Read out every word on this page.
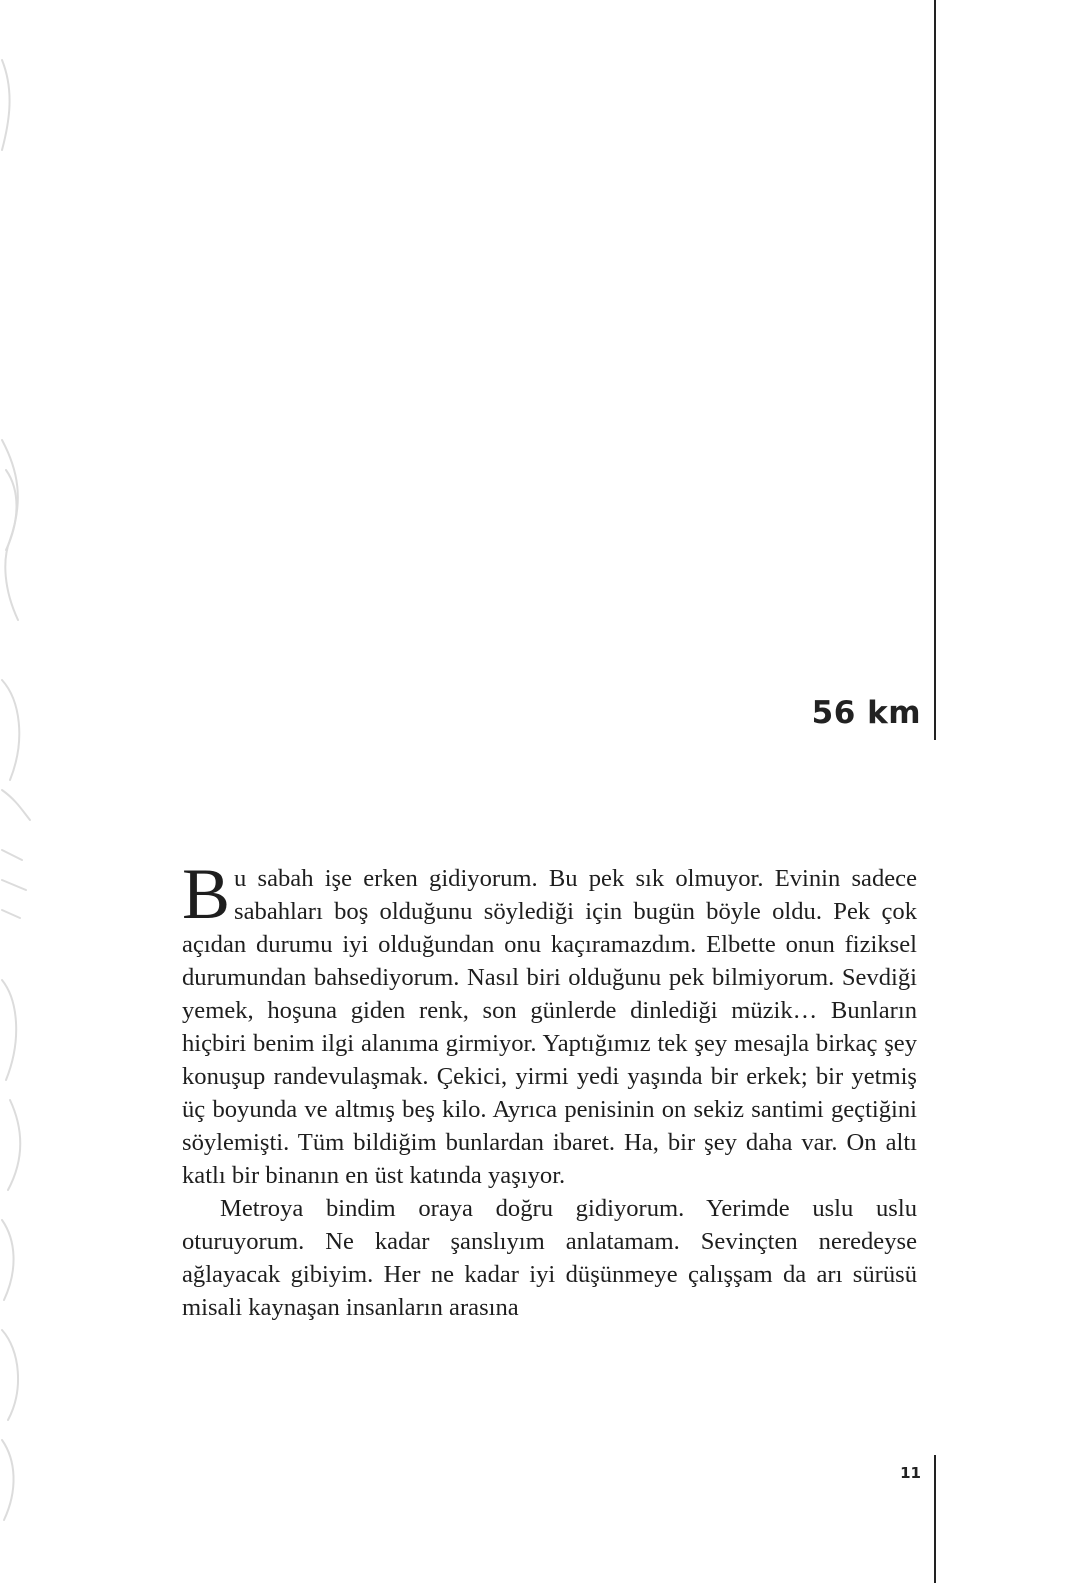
56 km

Bu sabah işe erken gidiyorum. Bu pek sık olmuyor. Evinin sadece sabahları boş olduğunu söylediği için bugün böyle oldu. Pek çok açıdan durumu iyi olduğundan onu kaçıramazdım. Elbette onun fiziksel durumundan bahsediyorum. Nasıl biri olduğunu pek bilmiyorum. Sevdiği yemek, hoşuna giden renk, son günlerde dinlediği müzik… Bunların hiçbiri benim ilgi alanıma girmiyor. Yaptığımız tek şey mesajla birkaç şey konuşup randevulaşmak. Çekici, yirmi yedi yaşında bir erkek; bir yetmiş üç boyunda ve altmış beş kilo. Ayrıca penisinin on sekiz santimi geçtiğini söylemişti. Tüm bildiğim bunlardan ibaret. Ha, bir şey daha var. On altı katlı bir binanın en üst katında yaşıyor.

Metroya bindim oraya doğru gidiyorum. Yerimde uslu uslu oturuyorum. Ne kadar şanslıyım anlatamam. Sevinçten neredeyse ağlayacak gibiyim. Her ne kadar iyi düşünmeye çalışşam da arı sürüsü misali kaynaşan insanların arasına

11
